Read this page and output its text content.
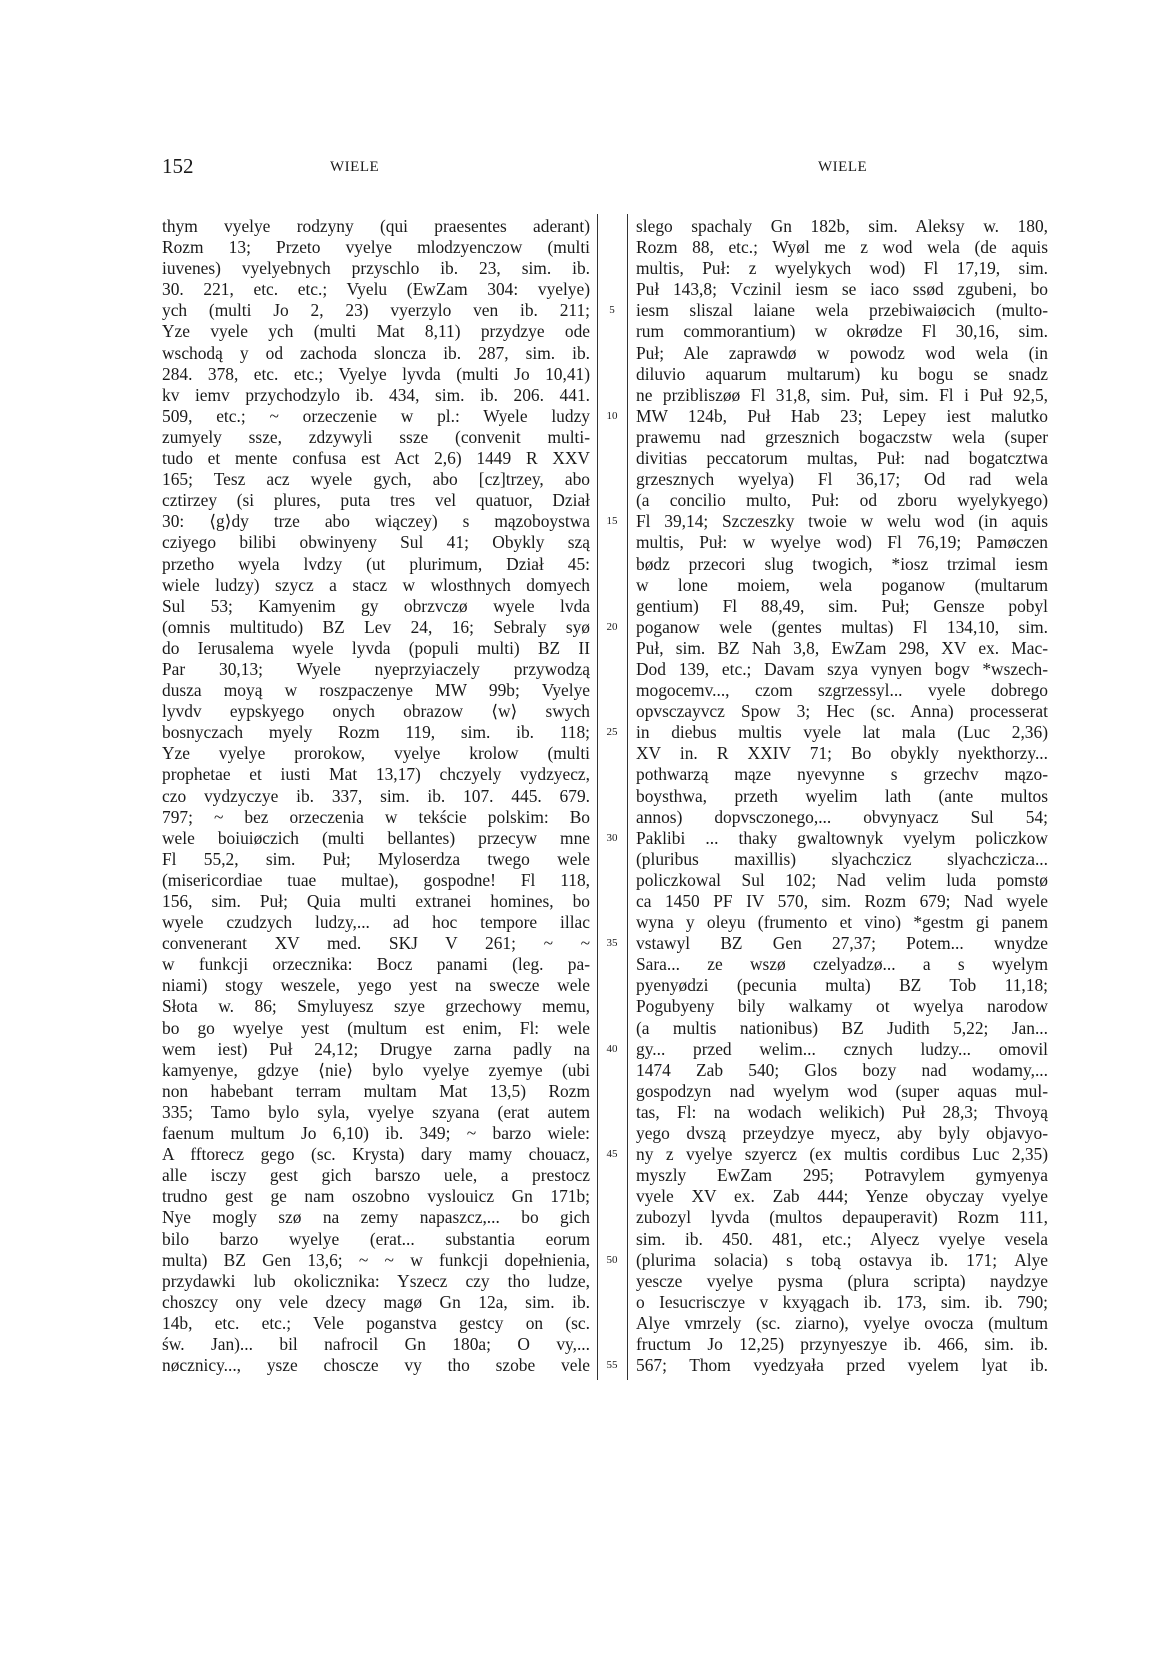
152	WIELE	WIELE
thym vyelye rodzyny (qui praesentes aderant)
Rozm 13; Przeto vyelye mlodzyenczow (multi
iuvenes) vyelyebnych przyschlo ib. 23, sim. ib.
30. 221, etc. etc.; Vyelu (EwZam 304: vyelye)
ych (multi Jo 2, 23) vyerzylo ven ib. 211;
Yze vyele ych (multi Mat 8,11) przydzye ode
wschodą y od zachoda sloncza ib. 287, sim. ib.
284. 378, etc. etc.; Vyelye lyvda (multi Jo 10,41)
kv iemv przychodzylo ib. 434, sim. ib. 206. 441.
509, etc.; ~ orzeczenie w pl.: Wyele ludzy
zumyely ssze, zdzywyli ssze (convenit multi-
tudo et mente confusa est Act 2,6) 1449 R XXV
165; Tesz acz wyele gych, abo [cz]trzey, abo
cztirzey (si plures, puta tres vel quatuor, Dział
30: ⟨g⟩dy trze abo wiączey) s mązoboystwa
cziyego bilibi obwinyeny Sul 41; Obykly szą
przetho wyela lvdzy (ut plurimum, Dział 45:
wiele ludzy) szycz a stacz w wlosthnych domyech
Sul 53; Kamyenim gy obrzvczø wyele lvda
(omnis multitudo) BZ Lev 24, 16; Sebraly syø
do Ierusalema wyele lyvda (populi multi) BZ II
Par 30,13; Wyele nyeprzyiaczely przywodzą
dusza moyą w roszpaczenye MW 99b; Vyelye
lyvdv eypskyego onych obrazow ⟨w⟩ swych
bosnyczach myely Rozm 119, sim. ib. 118;
Yze vyelye prorokow, vyelye krolow (multi
prophetae et iusti Mat 13,17) chczyely vydzyecz,
czo vydzyczye ib. 337, sim. ib. 107. 445. 679.
797; ~ bez orzeczenia w tekście polskim: Bo
wele boiuiøczich (multi bellantes) przecyw mne
Fl 55,2, sim. Puł; Myloserdza twego wele
(misericordiae tuae multae), gospodne! Fl 118,
156, sim. Puł; Quia multi extranei homines, bo
wyele czudzych ludzy,... ad hoc tempore illac
convenerant XV med. SKJ V 261; ~ ~
w funkcji orzecznika: Bocz panami (leg. pa-
niami) stogy weszele, yego yest na swecze wele
Słota w. 86; Smyluyesz szye grzechowy memu,
bo go wyelye yest (multum est enim, Fl: wele
wem iest) Puł 24,12; Drugye zarna padly na
kamyenye, gdzye ⟨nie⟩ bylo vyelye zyemye (ubi
non habebant terram multam Mat 13,5) Rozm
335; Tamo bylo syla, vyelye szyana (erat autem
faenum multum Jo 6,10) ib. 349; ~ barzo wiele:
A fftorecz gego (sc. Krysta) dary mamy chouacz,
alle isczy gest gich barszo uele, a prestocz
trudno gest ge nam oszobno vyslouicz Gn 171b;
Nye mogly szø na zemy napaszcz,... bo gich
bilo barzo wyelye (erat... substantia eorum
multa) BZ Gen 13,6; ~ ~ w funkcji dopełnienia,
przydawki lub okolicznika: Yszecz czy tho ludze,
choszcy ony vele dzecy magø Gn 12a, sim. ib.
14b, etc. etc.; Vele poganstva gestcy on (sc.
św. Jan)... bil nafrocil Gn 180a; O vy,...
nøcznicy..., ysze choscze vy tho szobe vele
5
10
15
20
25
30
35
40
45
50
55
slego spachaly Gn 182b, sim. Aleksy w. 180,
Rozm 88, etc.; Wyøl me z wod wela (de aquis
multis, Puł: z wyelykych wod) Fl 17,19, sim.
Puł 143,8; Vczinil iesm se iaco ssød zgubeni, bo
iesm sliszal laiane wela przebiwaiøcich (multo-
rum commorantium) w okrødze Fl 30,16, sim.
Puł; Ale zaprawdø w powodz wod wela (in
diluvio aquarum multarum) ku bogu se snadz
ne przibliszøø Fl 31,8, sim. Puł, sim. Fl i Puł 92,5,
MW 124b, Puł Hab 23; Lepey iest malutko
prawemu nad grzesznich bogaczstw wela (super
divitias peccatorum multas, Puł: nad bogatcztwa
grzesznych wyelya) Fl 36,17; Od rad wela
(a concilio multo, Puł: od zboru wyelykyego)
Fl 39,14; Szczeszky twoie w welu wod (in aquis
multis, Puł: w wyelye wod) Fl 76,19; Pamøczen
bødz przecori slug twogich, *iosz trzimal iesm
w lone moiem, wela poganow (multarum
gentium) Fl 88,49, sim. Puł; Gensze pobyl
poganow wele (gentes multas) Fl 134,10, sim.
Puł, sim. BZ Nah 3,8, EwZam 298, XV ex. Mac-
Dod 139, etc.; Davam szya vynyen bogv *wszech-
mogocemv..., czom szgrzessyl... vyele dobrego
opvsczayvcz Spow 3; Hec (sc. Anna) processerat
in diebus multis vyele lat mala (Luc 2,36)
XV in. R XXIV 71; Bo obykly nyekthorzy...
pothwarzą mąze nyevynne s grzechv mązo-
boysthwa, przeth wyelim lath (ante multos
annos) dopvsczonego,... obvynyacz Sul 54;
Paklibi ... thaky gwaltownyk vyelym policzkow
(pluribus maxillis) slyachczicz slyachczicza...
policzkowal Sul 102; Nad velim luda pomstø
ca 1450 PF IV 570, sim. Rozm 679; Nad wyele
wyna y oleyu (frumento et vino) *gestm gi panem
vstawyl BZ Gen 27,37; Potem... wnydze
Sara... ze wszø czelyadzø... a s wyelym
pyenyødzi (pecunia multa) BZ Tob 11,18;
Pogubyeny bily walkamy ot wyelya narodow
(a multis nationibus) BZ Judith 5,22; Jan...
gy... przed welim... cznych ludzy... omovil
1474 Zab 540; Glos bozy nad wodamy,...
gospodzyn nad wyelym wod (super aquas mul-
tas, Fl: na wodach welikich) Puł 28,3; Thvoyą
yego dvszą przeydzye myecz, aby byly objavyo-
ny z vyelye szyercz (ex multis cordibus Luc 2,35)
myszly EwZam 295; Potravylem gymyenya
vyele XV ex. Zab 444; Yenze obyczay vyelye
zubozyl lyvda (multos depauperavit) Rozm 111,
sim. ib. 450. 481, etc.; Alyecz vyelye vesela
(plurima solacia) s tobą ostavya ib. 171; Alye
yescze vyelye pysma (plura scripta) naydzye
o Iesucrisczye v kxyągach ib. 173, sim. ib. 790;
Alye vmrzely (sc. ziarno), vyelye ovocza (multum
fructum Jo 12,25) przynyeszye ib. 466, sim. ib.
567; Thom vyedzyała przed vyelem lyat ib.
